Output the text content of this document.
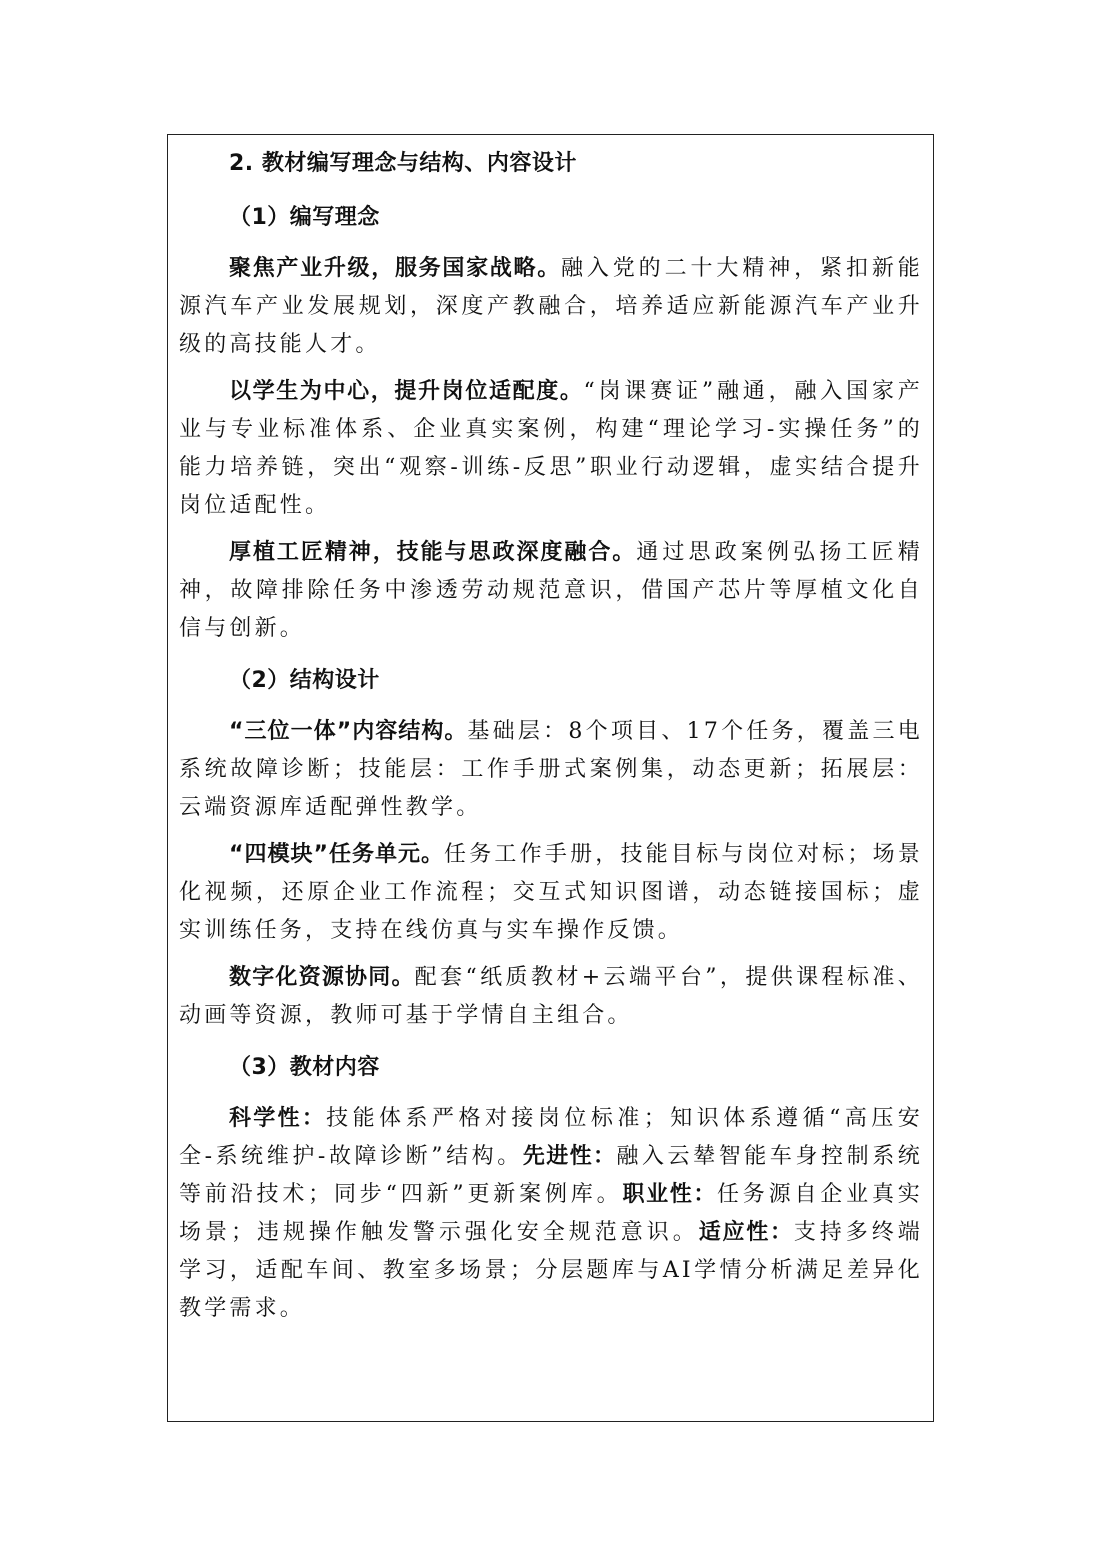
2. 教材编写理念与结构、内容设计
（1）编写理念

聚焦产业升级，服务国家战略。融入党的二十大精神，紧扣新能源汽车产业发展规划，深度产教融合，培养适应新能源汽车产业升级的高技能人才。

以学生为中心，提升岗位适配度。“岗课赛证”融通，融入国家产业与专业标准体系、企业真实案例，构建“理论学习-实操任务”的能力培养链，突出“观察-训练-反思”职业行动逻辑，虚实结合提升岗位适配性。

厚植工匠精神，技能与思政深度融合。通过思政案例弘扬工匠精神，故障排除任务中渗透劳动规范意识，借国产芯片等厚植文化自信与创新。

（2）结构设计

“三位一体”内容结构。基础层：8个项目、17个任务，覆盖三电系统故障诊断；技能层：工作手册式案例集，动态更新；拓展层：云端资源库适配弹性教学。

“四模块”任务单元。任务工作手册，技能目标与岗位对标；场景化视频，还原企业工作流程；交互式知识图谱，动态链接国标；虚实训练任务，支持在线仿真与实车操作反馈。

数字化资源协同。配套“纸质教材+云端平台”，提供课程标准、动画等资源，教师可基于学情自主组合。

（3）教材内容

科学性：技能体系严格对接岗位标准；知识体系遵循“高压安全-系统维护-故障诊断”结构。先进性：融入云辇智能车身控制系统等前沿技术；同步“四新”更新案例库。职业性：任务源自企业真实场景；违规操作触发警示强化安全规范意识。适应性：支持多终端学习，适配车间、教室多场景；分层题库与AI学情分析满足差异化教学需求。
